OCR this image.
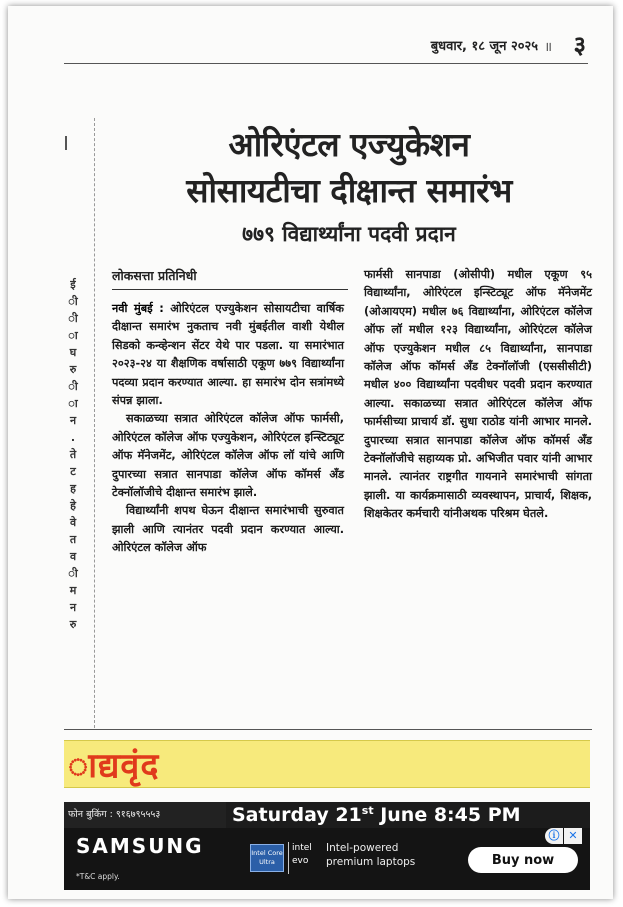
बुधवार, १८ जून २०२५ ॥ ३
ई
ी
ी
ा
घ
रु
ी
ा
न
.
ते
ट
ह
हे
वे
त
व
ी
म
न
रु
ओरिएंटल एज्युकेशन
सोसायटीचा दीक्षान्त समारंभ
७७९ विद्यार्थ्यांना पदवी प्रदान
लोकसत्ता प्रतिनिधी

नवी मुंबई : ओरिएंटल एज्युकेशन सोसायटीचा वार्षिक दीक्षान्त समारंभ नुकताच नवी मुंबईतील वाशी येथील सिडको कन्व्हेन्शन सेंटर येथे पार पडला. या समारंभात २०२३-२४ या शैक्षणिक वर्षासाठी एकूण ७७९ विद्यार्थ्यांना पदव्या प्रदान करण्यात आल्या. हा समारंभ दोन सत्रांमध्ये संपन्न झाला.

सकाळच्या सत्रात ओरिएंटल कॉलेज ऑफ फार्मसी, ओरिएंटल कॉलेज ऑफ एज्युकेशन, ओरिएंटल इन्स्टिट्यूट ऑफ मॅनेजमेंट, ओरिएंटल कॉलेज ऑफ लॉ यांचे आणि दुपारच्या सत्रात सानपाडा कॉलेज ऑफ कॉमर्स अँड टेक्नॉलॉजीचे दीक्षान्त समारंभ झाले.

विद्यार्थ्यांनी शपथ घेऊन दीक्षान्त समारंभाची सुरुवात झाली आणि त्यानंतर पदवी प्रदान करण्यात आल्या. ओरिएंटल कॉलेज ऑफ

फार्मसी सानपाडा (ओसीपी) मधील एकूण ९५ विद्यार्थ्यांना, ओरिएंटल इन्स्टिट्यूट ऑफ मॅनेजमेंट (ओआयएम) मधील ७६ विद्यार्थ्यांना, ओरिएंटल कॉलेज ऑफ लॉ मधील १२३ विद्यार्थ्यांना, ओरिएंटल कॉलेज ऑफ एज्युकेशन मधील ८५ विद्यार्थ्यांना, सानपाडा कॉलेज ऑफ कॉमर्स अँड टेक्नॉलॉजी (एससीसीटी) मधील ४०० विद्यार्थ्यांना पदवीधर पदवी प्रदान करण्यात आल्या. सकाळच्या सत्रात ओरिएंटल कॉलेज ऑफ फार्मसीच्या प्राचार्य डॉ. सुधा राठोड यांनी आभार मानले. दुपारच्या सत्रात सानपाडा कॉलेज ऑफ कॉमर्स अँड टेक्नॉलॉजीचे सहाय्यक प्रो. अभिजीत पवार यांनी आभार मानले. त्यानंतर राष्ट्रगीत गायनाने समारंभाची सांगता झाली. या कार्यक्रमासाठी व्यवस्थापन, प्राचार्य, शिक्षक, शिक्षकेतर कर्मचारी यांनीअथक परिश्रम घेतले.

ाद्यवृंद
फोन बुकिंग : ९१६७९५५५३	Saturday 21st June 8:45 PM
SAMSUNG
*T&C apply.
Intel Core Ultra
intel evo
Intel-powered
premium laptops	Buy now
ⓘ ✕
